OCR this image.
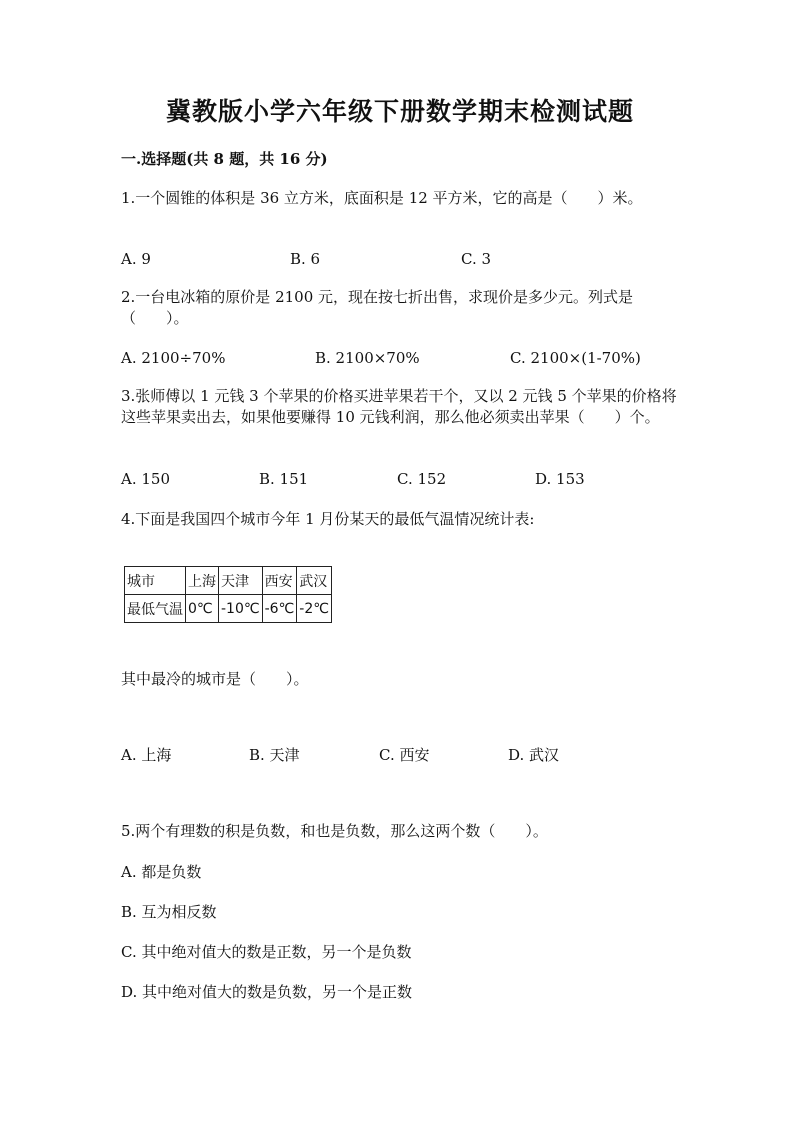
冀教版小学六年级下册数学期末检测试题
一.选择题(共 8 题，共 16 分)
1.一个圆锥的体积是 36 立方米，底面积是 12 平方米，它的高是（　　）米。
A. 9	B. 6	C. 3
2.一台电冰箱的原价是 2100 元，现在按七折出售，求现价是多少元。列式是（　　）。
A. 2100÷70%	B. 2100×70%	C. 2100×(1-70%)
3.张师傅以 1 元钱 3 个苹果的价格买进苹果若干个，又以 2 元钱 5 个苹果的价格将这些苹果卖出去，如果他要赚得 10 元钱利润，那么他必须卖出苹果（　　）个。
A. 150	B. 151	C. 152	D. 153
4.下面是我国四个城市今年 1 月份某天的最低气温情况统计表:
城市	上海	天津	西安	武汉
最低气温	0℃	-10℃	-6℃	-2℃
其中最冷的城市是（　　）。
A. 上海	B. 天津	C. 西安	D. 武汉
5.两个有理数的积是负数，和也是负数，那么这两个数（　　）。
A. 都是负数
B. 互为相反数
C. 其中绝对值大的数是正数，另一个是负数
D. 其中绝对值大的数是负数，另一个是正数
